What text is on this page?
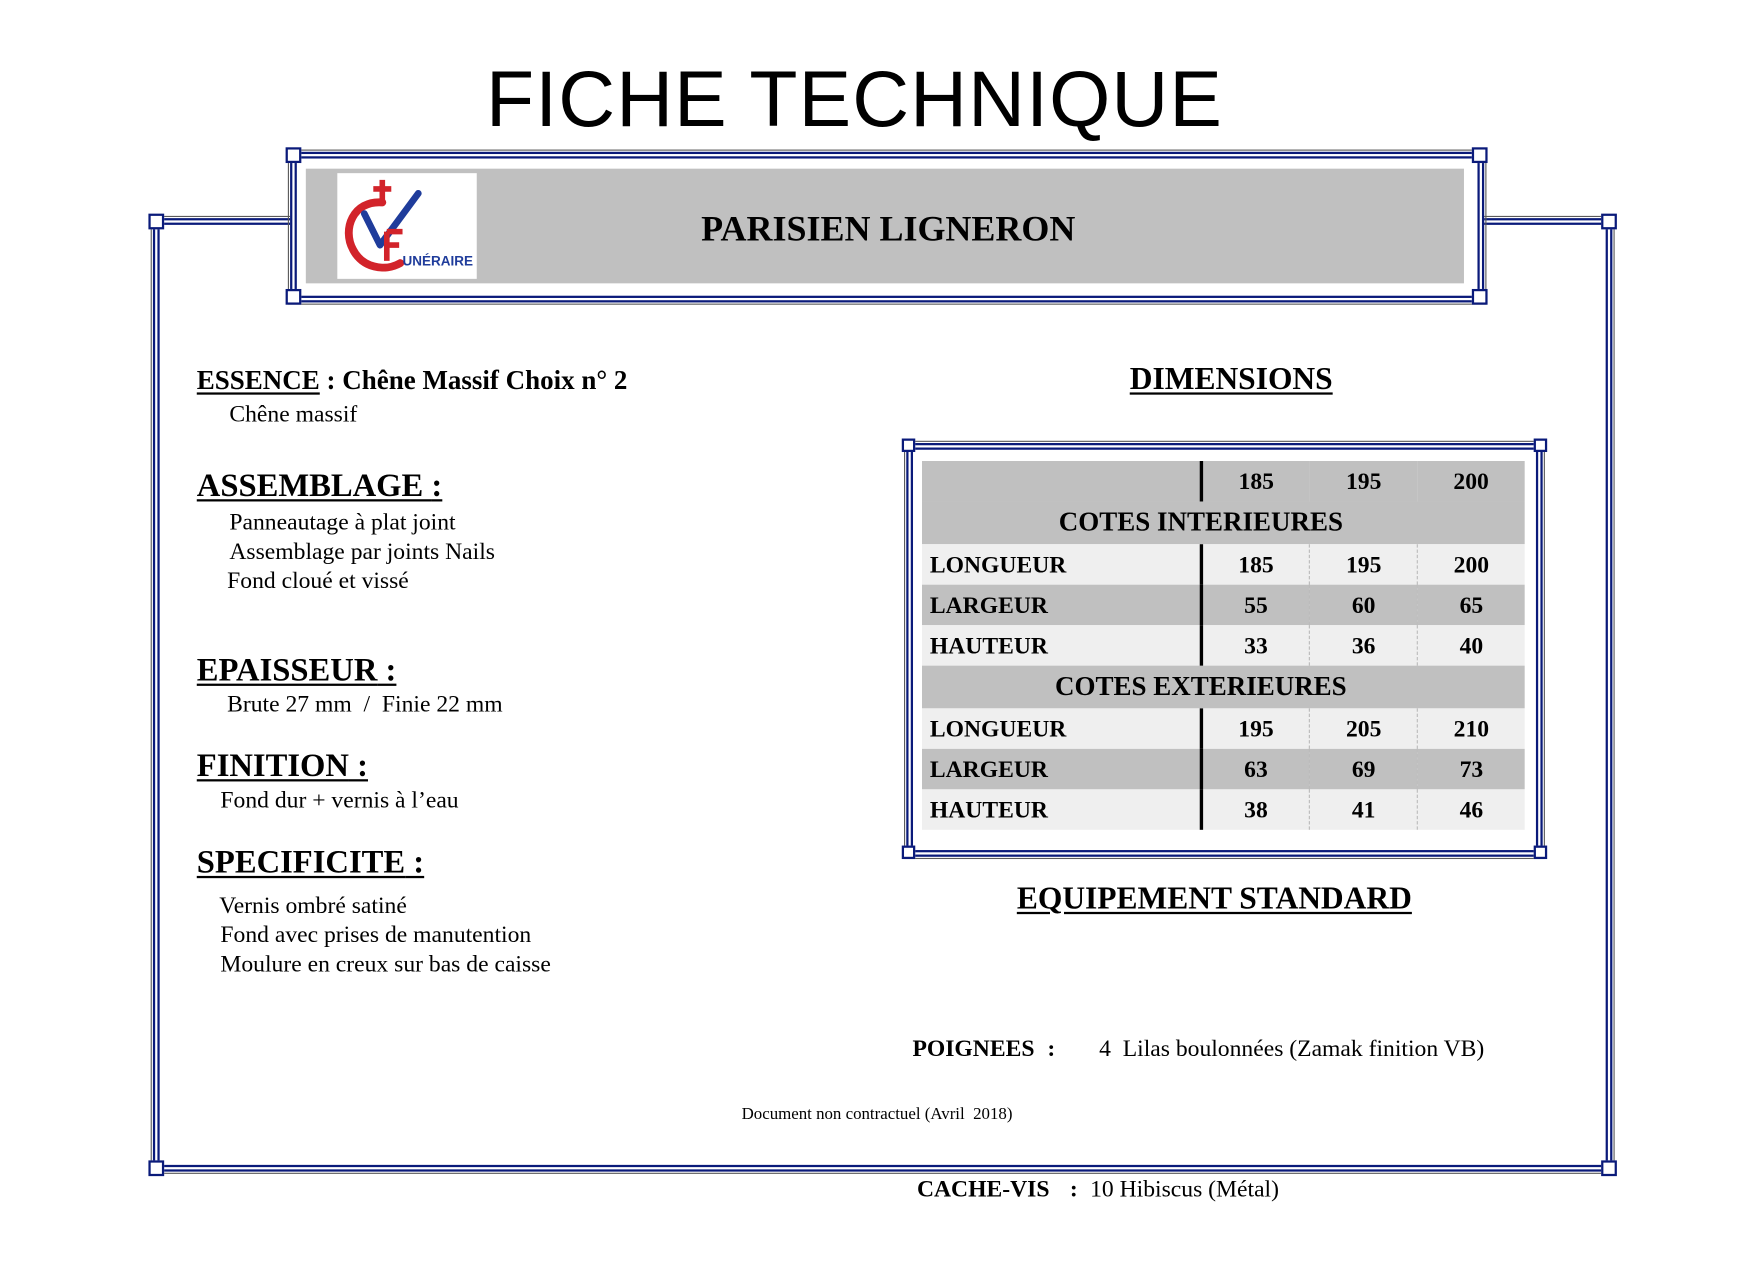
FICHE TECHNIQUE
UNÉRAIRE
PARISIEN LIGNERON
ESSENCE : Chêne Massif Choix n° 2
Chêne massif
ASSEMBLAGE :
Panneautage à plat joint
Assemblage par joints Nails
Fond cloué et vissé
EPAISSEUR :
Brute 27 mm  /  Finie 22 mm
FINITION :
Fond dur + vernis à l’eau
SPECIFICITE :
Vernis ombré satiné
Fond avec prises de manutention
Moulure en creux sur bas de caisse
DIMENSIONS
	185	195	200
COTES INTERIEURES			
LONGUEUR	185	195	200
LARGEUR	55	60	65
HAUTEUR	33	36	40
COTES EXTERIEURES			
LONGUEUR	195	205	210
LARGEUR	63	69	73
HAUTEUR	38	41	46
EQUIPEMENT STANDARD

POIGNEES : 4  Lilas boulonnées (Zamak finition VB)

CACHE-VIS : 10 Hibiscus (Métal)

Document non contractuel (Avril  2018)
